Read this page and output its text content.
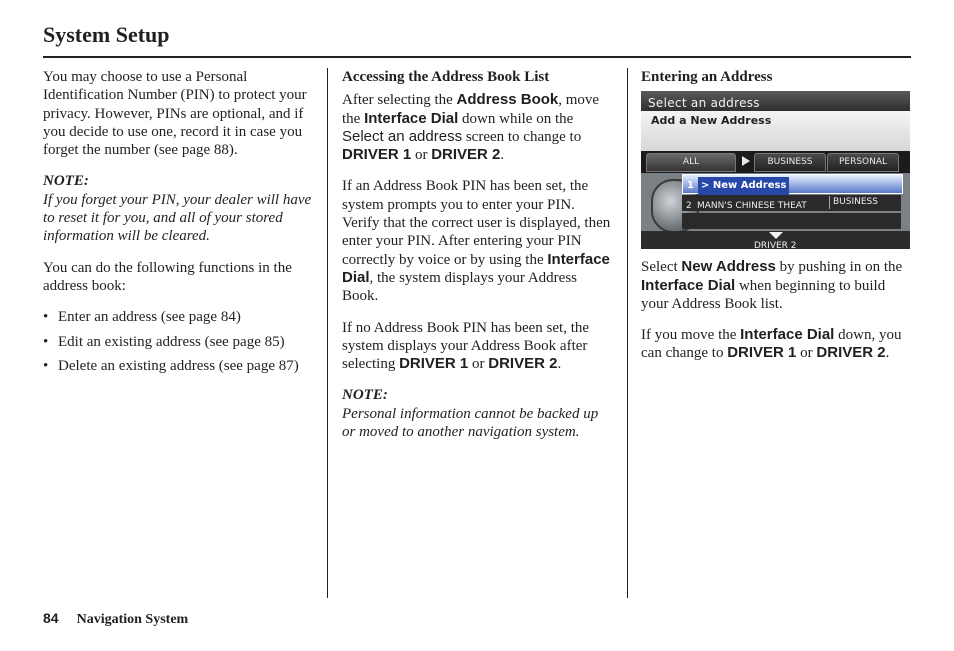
System Setup

You may choose to use a Personal Identification Number (PIN) to protect your privacy. However, PINs are optional, and if you decide to use one, record it in case you forget the number (see page 88).

NOTE:

If you forget your PIN, your dealer will have to reset it for you, and all of your stored information will be cleared.

You can do the following functions in the address book:

• Enter an address (see page 84)
• Edit an existing address (see page 85)
• Delete an existing address (see page 87)
Accessing the Address Book List

After selecting the Address Book, move the Interface Dial down while on the Select an address screen to change to DRIVER 1 or DRIVER 2.

If an Address Book PIN has been set, the system prompts you to enter your PIN. Verify that the correct user is displayed, then enter your PIN. After entering your PIN correctly by voice or by using the Interface Dial, the system displays your Address Book.

If no Address Book PIN has been set, the system displays your Address Book after selecting DRIVER 1 or DRIVER 2.

NOTE:

Personal information cannot be backed up or moved to another navigation system.

Entering an Address
Select an address
Add a New Address
ALL	BUSINESS	PERSONAL
1 > New Address
2 MANN'S CHINESE THEAT	BUSINESS
DRIVER 2

Select New Address by pushing in on the Interface Dial when beginning to build your Address Book list.

If you move the Interface Dial down, you can change to DRIVER 1 or DRIVER 2.

84 Navigation System
